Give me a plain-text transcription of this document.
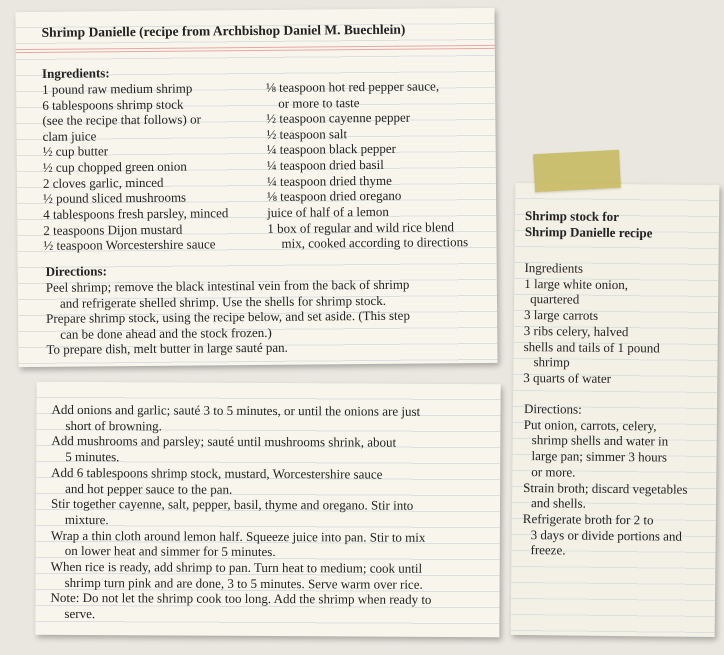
Shrimp Danielle (recipe from Archbishop Daniel M. Buechlein)
Ingredients:
1 pound raw medium shrimp
6 tablespoons shrimp stock
(see the recipe that follows) or
clam juice
½ cup butter
½ cup chopped green onion
2 cloves garlic, minced
½ pound sliced mushrooms
4 tablespoons fresh parsley, minced
2 teaspoons Dijon mustard
½ teaspoon Worcestershire sauce
⅛ teaspoon hot red pepper sauce,
or more to taste
½ teaspoon cayenne pepper
½ teaspoon salt
¼ teaspoon black pepper
¼ teaspoon dried basil
¼ teaspoon dried thyme
⅛ teaspoon dried oregano
juice of half of a lemon
1 box of regular and wild rice blend
mix, cooked according to directions
Directions:
Peel shrimp; remove the black intestinal vein from the back of shrimp
and refrigerate shelled shrimp. Use the shells for shrimp stock.
Prepare shrimp stock, using the recipe below, and set aside. (This step
can be done ahead and the stock frozen.)
To prepare dish, melt butter in large sauté pan.

Add onions and garlic; sauté 3 to 5 minutes, or until the onions are just

short of browning.

Add mushrooms and parsley; sauté until mushrooms shrink, about

5 minutes.

Add 6 tablespoons shrimp stock, mustard, Worcestershire sauce

and hot pepper sauce to the pan.

Stir together cayenne, salt, pepper, basil, thyme and oregano. Stir into

mixture.

Wrap a thin cloth around lemon half. Squeeze juice into pan. Stir to mix

on lower heat and simmer for 5 minutes.

When rice is ready, add shrimp to pan. Turn heat to medium; cook until

shrimp turn pink and are done, 3 to 5 minutes. Serve warm over rice.

Note: Do not let the shrimp cook too long. Add the shrimp when ready to

serve.

Shrimp stock for
Shrimp Danielle recipe

Ingredients

1 large white onion,

quartered

3 large carrots

3 ribs celery, halved

shells and tails of 1 pound

shrimp

3 quarts of water

Directions:

Put onion, carrots, celery,

shrimp shells and water in

large pan; simmer 3 hours

or more.

Strain broth; discard vegetables

and shells.

Refrigerate broth for 2 to

3 days or divide portions and

freeze.
